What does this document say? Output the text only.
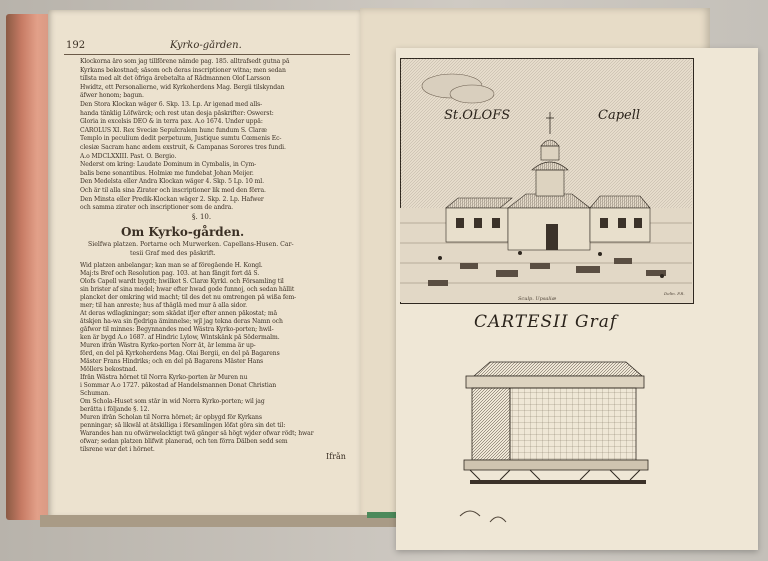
192	Kyrko-gården.
Klockorna äro som jag tillförene nämde pag. 185. alltrafsedt gutna på
Kyrkans bekostnad; såsom och deras inscriptioner witna; men sedan
tillsta med alt det öfriga ärebetalta af Rådmannen Olof Larsson
Hwidtz, ett Personalierne, wid Kyrkoherdens Mag. Bergii tilskyndan
äfwer honom; bagun.
Den Stora Klockan wäger 6. Skp. 13. Lp. Är igenad med alls-
handa tänklig Löfwärck; och rest utan desja påskrifter: Oswerst:
Gloria in excelsis DEO & in terra pax. A.o 1674. Under uppå:
CAROLUS XI. Rex Sveciæ Sepulcralem hunc fundum S. Claræ
Templo in peculium dedit perpetuum, Justique sumtu Cœmenis Ec-
clesiæ Sacram hanc ædem exstruit, & Campanas Sorores tres fundi.
A.o MDCLXXIII. Past. O. Bergio.
Nederst om kring: Laudate Dominum in Cymbalis, in Cym-
balis bene sonantibus. Holmiæ me fundebat Johan Meijer.
Den Medelsta eller Andra Klockan wäger 4. Skp. 5 Lp. 10 ml.
Och är til alla sina Zirater och inscriptioner lik med den förra.
Den Minsta eller Predik-Klockan wäger 2. Skp. 2. Lp. Hafwer
och samma zirater och inscriptioner som de andra.
§. 10.
Om Kyrko-gården.
Sielfwa platzen. Portarne och Murwerken. Capellans-Husen. Car-
tesii Graf med des påskrift.
Wid platzen anbelangar; kan man se af föregående H. Kongl.
Maj:ts Bref och Resolution pag. 103. at han fångit fort då S.
Olofs Capell wardt bygdt; hwilket S. Claræ Kyrkl. och Församling til
sin brister af sina medel; hwar efter hwad gode funnoj, och sedan hållit
plancket der omkring wid macht; til des det nu omtrengen på wißa fem-
mer; til han anreste; hus af thäglä med mur å alla sidor.
At deras wdlagkningar; som skådat ifjer efter annen påkostat; må
åtskjen ha-wa sin fjedriga äminnelse; wjl jag tekna deras Namn och
gåfwor til minnes: Begynnandes med Wästra Kyrko-porten; hwil-
ken är bygd A.o 1687. af Hindric Lylow, Wintskänk på Södermalm.
Muren ifrån Wästra Kyrko-porten Norr åt, är lemma är up-
förd, en del på Kyrkoherdens Mag. Olai Bergii, en del på Bagarens
Mäster Frans Hindriks; och en del på Bagarens Mäster Hans
Möllers bekostnad.
Ifrån Wästra hörnet til Norra Kyrko-porten är Muren nu
i Sommar A.o 1727. påkostad af Handelsmannen Donat Christian
Schuman.
Om Schola-Huset som står in wid Norra Kyrko-porten; wil jag
berätta i följande §. 12.
Muren ifrån Scholan til Norra hörnet; är opbygd för Kyrkans
penningar; så likwäl at åtskilliga i församlingen löfat göra sin det til:
Warandes han nu ofwärwelacktigt twå gånger så högt wjder ofwar rödt; hwar
ofwar; sedan platzen blifwit planerad, och ten förra Dälben sedd sem
tilsrene war det i hörnet.
Ifrån
St.OLOFS	Capell
Sculp. Upsaliæ
Delin. P.R.
CARTESII Graf
